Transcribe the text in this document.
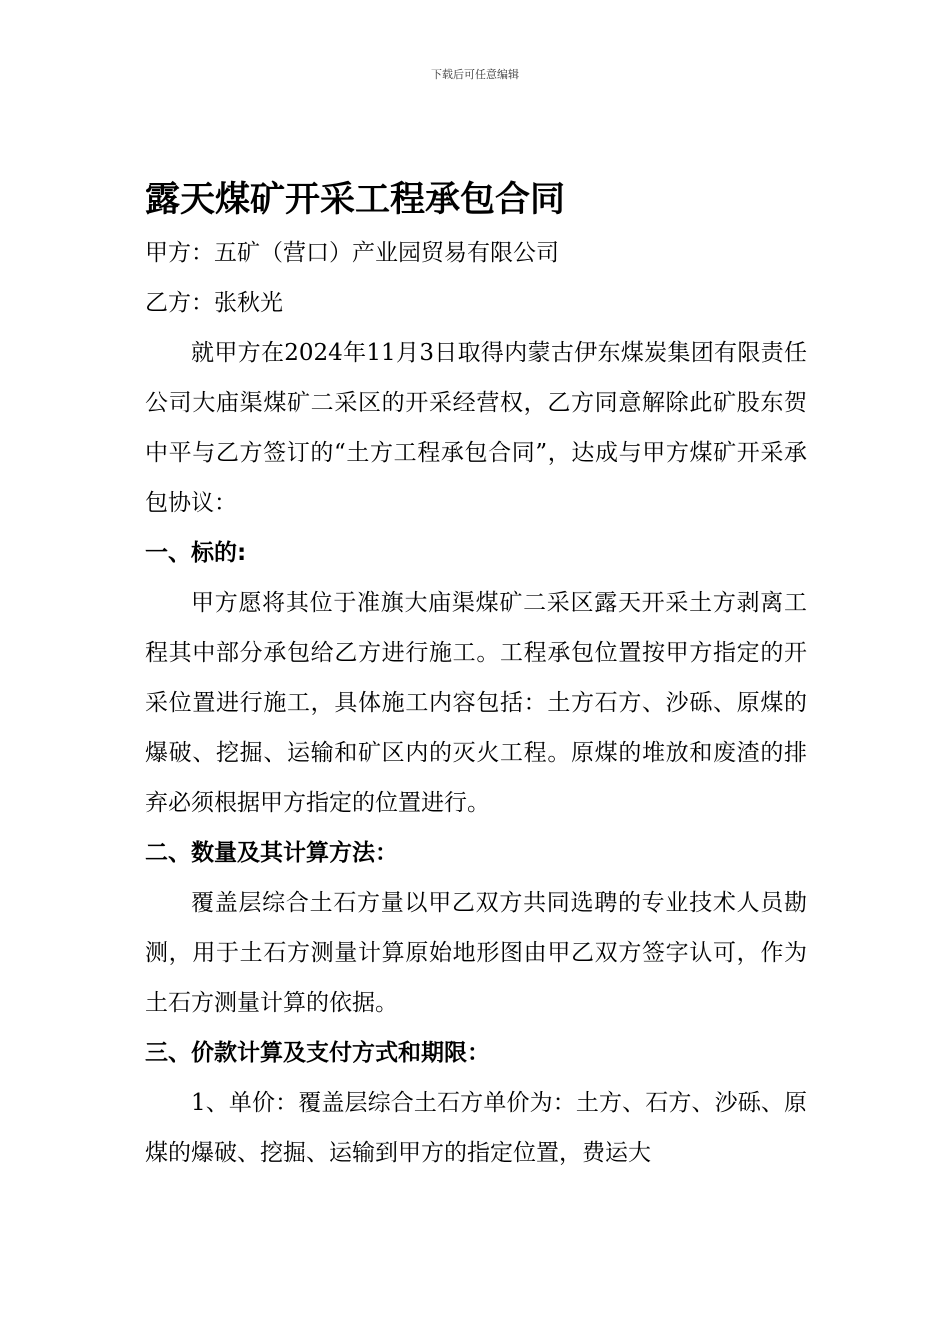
下载后可任意编辑
露天煤矿开采工程承包合同

甲方：五矿（营口）产业园贸易有限公司

乙方：张秋光

就甲方在2024年11月3日取得内蒙古伊东煤炭集团有限责任公司大庙渠煤矿二采区的开采经营权，乙方同意解除此矿股东贺中平与乙方签订的“土方工程承包合同”，达成与甲方煤矿开采承包协议：

一、标的:

甲方愿将其位于准旗大庙渠煤矿二采区露天开采土方剥离工程其中部分承包给乙方进行施工。工程承包位置按甲方指定的开采位置进行施工，具体施工内容包括：土方石方、沙砾、原煤的爆破、挖掘、运输和矿区内的灭火工程。原煤的堆放和废渣的排弃必须根据甲方指定的位置进行。

二、数量及其计算方法：

覆盖层综合土石方量以甲乙双方共同选聘的专业技术人员勘测，用于土石方测量计算原始地形图由甲乙双方签字认可，作为土石方测量计算的依据。

三、价款计算及支付方式和期限：

1、单价：覆盖层综合土石方单价为：土方、石方、沙砾、原煤的爆破、挖掘、运输到甲方的指定位置，费运大
